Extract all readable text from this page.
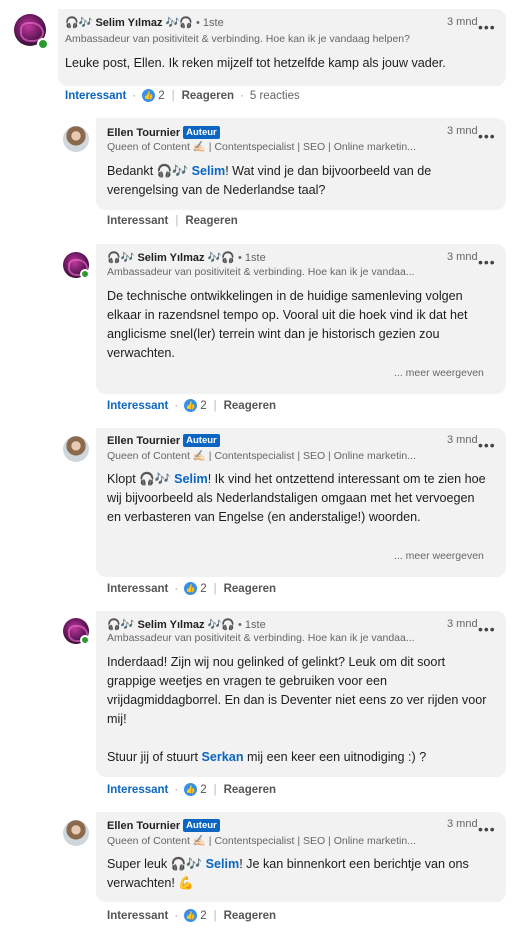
🎧🎶 Selim Yılmaz 🎶🎧 • 1ste
Ambassadeur van positiviteit & verbinding. Hoe kan ik je vandaag helpen?
3 mnd •••
Leuke post, Ellen. Ik reken mijzelf tot hetzelfde kamp als jouw vader.
Interessant · 👍 2 | Reageren · 5 reacties
Ellen Tournier Auteur
Queen of Content ✍🏻 | Contentspecialist | SEO | Online marketin...
3 mnd •••
Bedankt 🎧🎶 Selim! Wat vind je dan bijvoorbeeld van de verengelsing van de Nederlandse taal?
Interessant | Reageren
🎧🎶 Selim Yılmaz 🎶🎧 • 1ste
Ambassadeur van positiviteit & verbinding. Hoe kan ik je vandaa...
3 mnd •••
De technische ontwikkelingen in de huidige samenleving volgen elkaar in razendsnel tempo op. Vooral uit die hoek vind ik dat het anglicisme snel(ler) terrein wint dan je historisch gezien zou verwachten.
... meer weergeven
Interessant · 👍 2 | Reageren
Ellen Tournier Auteur
Queen of Content ✍🏻 | Contentspecialist | SEO | Online marketin...
3 mnd •••
Klopt 🎧🎶 Selim! Ik vind het ontzettend interessant om te zien hoe wij bijvoorbeeld als Nederlandstaligen omgaan met het vervoegen en verbasteren van Engelse (en anderstalige!) woorden.
... meer weergeven
Interessant · 👍 2 | Reageren
🎧🎶 Selim Yılmaz 🎶🎧 • 1ste
Ambassadeur van positiviteit & verbinding. Hoe kan ik je vandaa...
3 mnd •••
Inderdaad! Zijn wij nou gelinked of gelinkt? Leuk om dit soort grappige weetjes en vragen te gebruiken voor een vrijdagmiddagborrel. En dan is Deventer niet eens zo ver rijden voor mij!
Stuur jij of stuurt Serkan mij een keer een uitnodiging :) ?
Interessant · 👍 2 | Reageren
Ellen Tournier Auteur
Queen of Content ✍🏻 | Contentspecialist | SEO | Online marketin...
3 mnd •••
Super leuk 🎧🎶 Selim! Je kan binnenkort een berichtje van ons verwachten! 💪
Interessant · 👍 2 | Reageren
